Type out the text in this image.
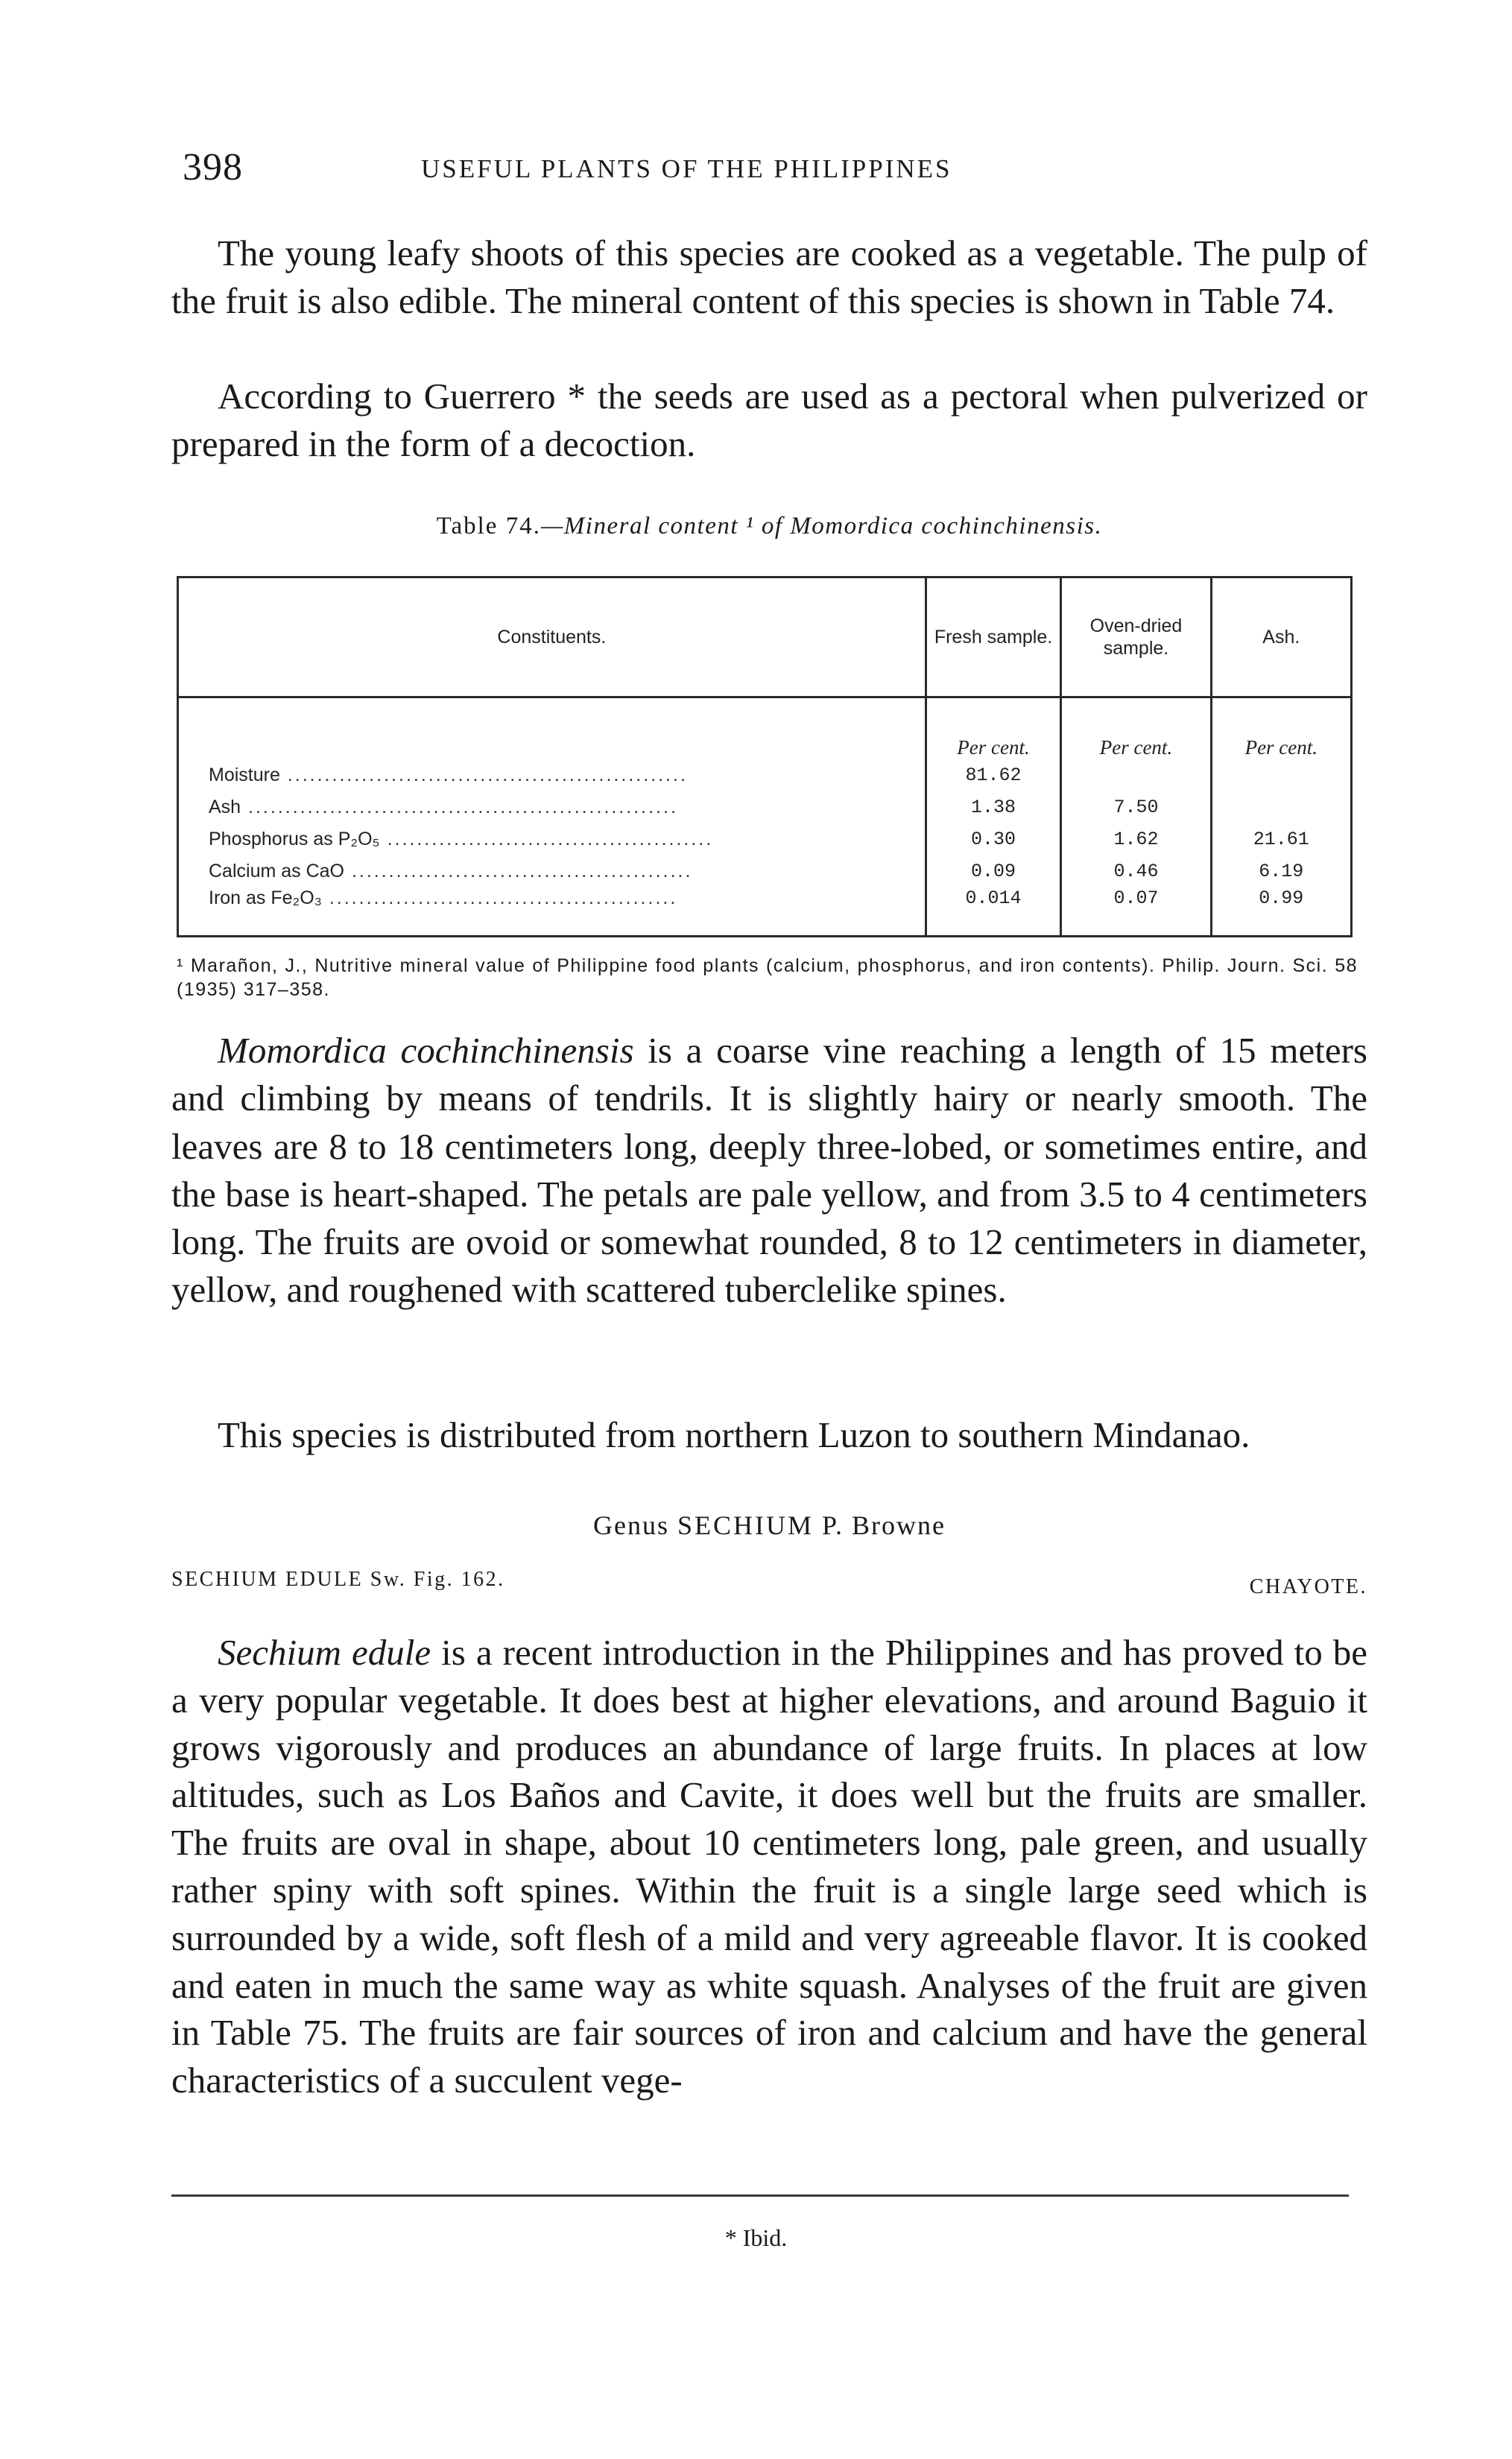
398	USEFUL PLANTS OF THE PHILIPPINES

The young leafy shoots of this species are cooked as a vegetable. The pulp of the fruit is also edible. The mineral content of this species is shown in Table 74.

According to Guerrero * the seeds are used as a pectoral when pulverized or prepared in the form of a decoction.

Table 74.—Mineral content ¹ of Momordica cochinchinensis.
Constituents.	Fresh sample.	Oven-dried sample.	Ash.
	Per cent.	Per cent.	Per cent.
Moisture ......................................................	81.62		
Ash ..........................................................	1.38	7.50	
Phosphorus as P₂O₅ ............................................	0.30	1.62	21.61
Calcium as CaO ..............................................	0.09	0.46	6.19
Iron as Fe₂O₃ ...............................................	0.014	0.07	0.99

¹ Marañon, J., Nutritive mineral value of Philippine food plants (calcium, phosphorus, and iron contents). Philip. Journ. Sci. 58 (1935) 317–358.

Momordica cochinchinensis is a coarse vine reaching a length of 15 meters and climbing by means of tendrils. It is slightly hairy or nearly smooth. The leaves are 8 to 18 centimeters long, deeply three-lobed, or sometimes entire, and the base is heart-shaped. The petals are pale yellow, and from 3.5 to 4 centimeters long. The fruits are ovoid or somewhat rounded, 8 to 12 centimeters in diameter, yellow, and roughened with scattered tuberclelike spines.

This species is distributed from northern Luzon to southern Mindanao.

Genus SECHIUM P. Browne
SECHIUM EDULE Sw. Fig. 162.	CHAYOTE.

Sechium edule is a recent introduction in the Philippines and has proved to be a very popular vegetable. It does best at higher elevations, and around Baguio it grows vigorously and produces an abundance of large fruits. In places at low altitudes, such as Los Baños and Cavite, it does well but the fruits are smaller. The fruits are oval in shape, about 10 centimeters long, pale green, and usually rather spiny with soft spines. Within the fruit is a single large seed which is surrounded by a wide, soft flesh of a mild and very agreeable flavor. It is cooked and eaten in much the same way as white squash. Analyses of the fruit are given in Table 75. The fruits are fair sources of iron and calcium and have the general characteristics of a succulent vege-

* Ibid.
